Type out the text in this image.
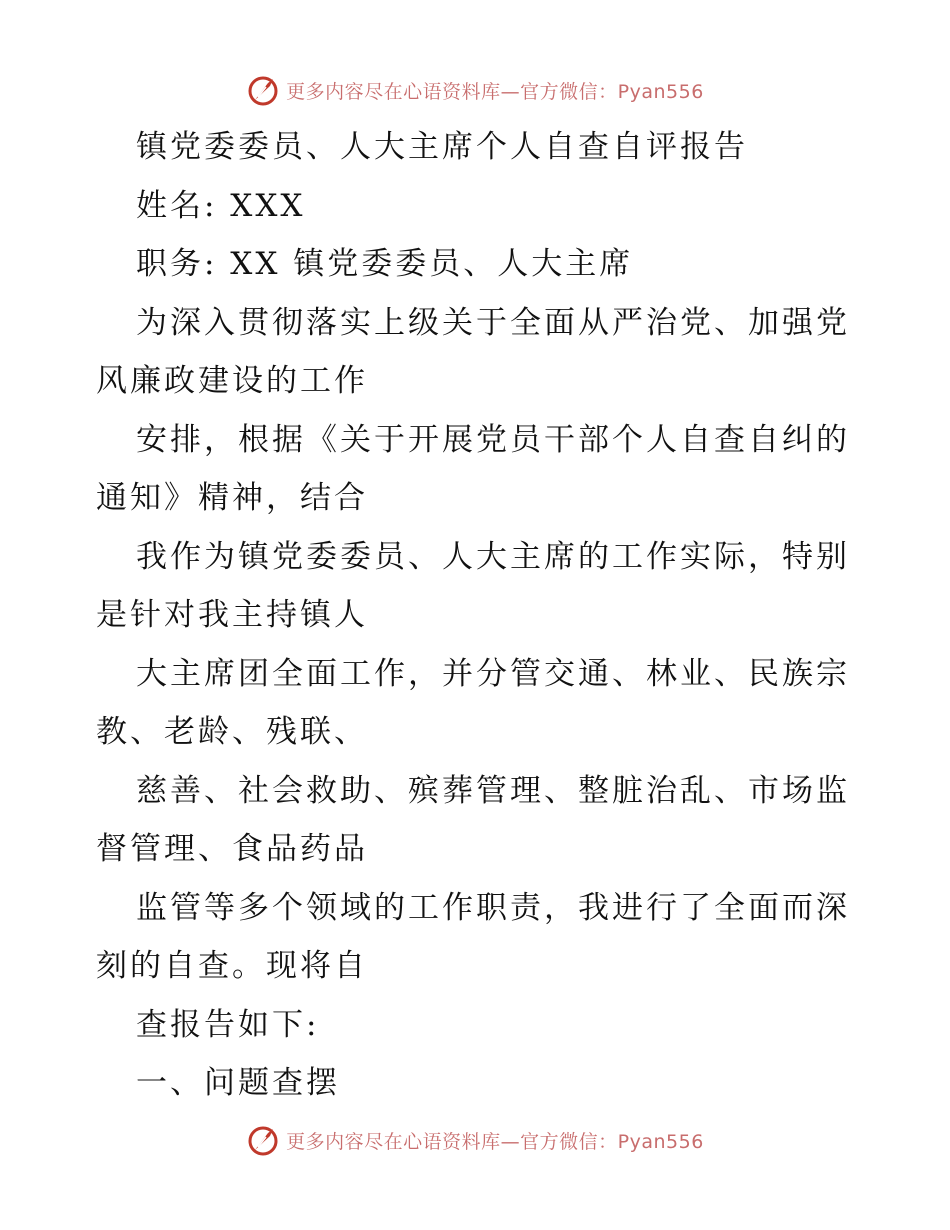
更多内容尽在心语资料库—官方微信：Pyan556
镇党委委员、人大主席个人自查自评报告
姓名: XXX
职务: XX 镇党委委员、人大主席
为深入贯彻落实上级关于全面从严治党、加强党
风廉政建设的工作
安排，根据《关于开展党员干部个人自查自纠的
通知》精神，结合
我作为镇党委委员、人大主席的工作实际，特别
是针对我主持镇人
大主席团全面工作，并分管交通、林业、民族宗
教、老龄、残联、
慈善、社会救助、殡葬管理、整脏治乱、市场监
督管理、食品药品
监管等多个领域的工作职责，我进行了全面而深
刻的自查。现将自
查报告如下:
一、问题查摆
更多内容尽在心语资料库—官方微信：Pyan556
